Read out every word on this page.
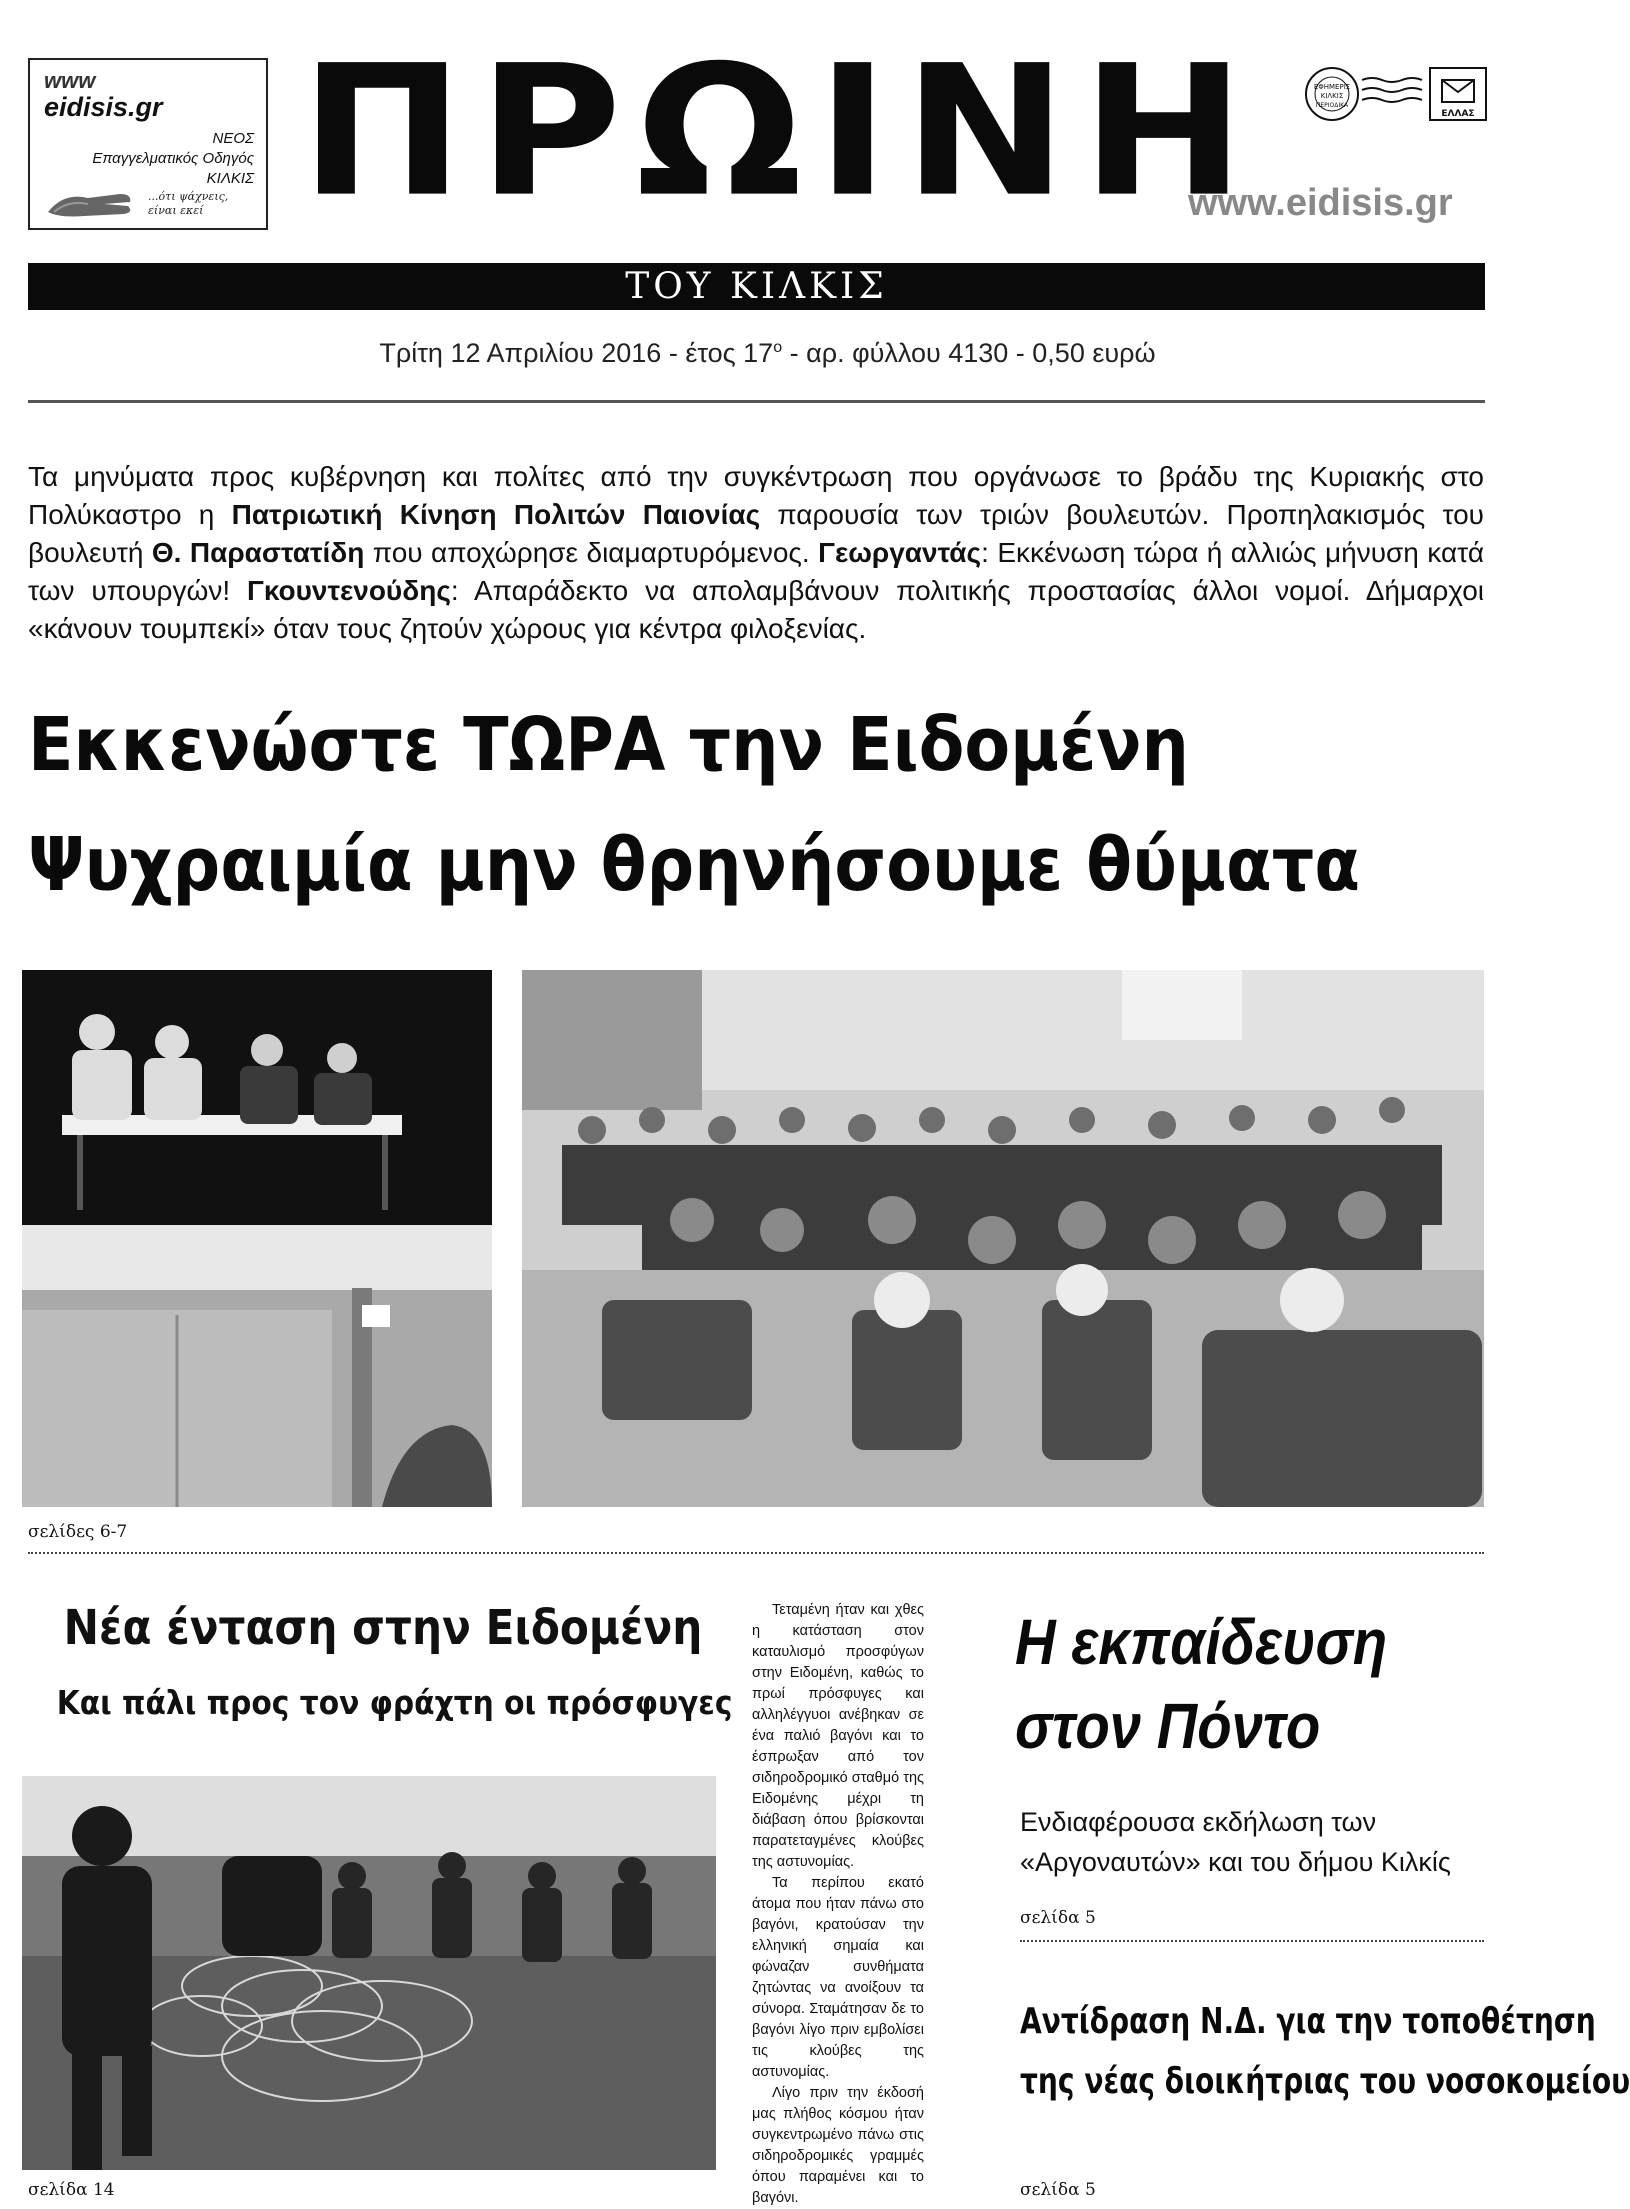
www
eidisis.gr
ΝΕΟΣ
Επαγγελματικός Οδηγός
ΚΙΛΚΙΣ
...ότι ψάχνεις,
είναι εκεί ΠΡΩΙΝΗ	ΕΦΗΜΕΡΙΣ
ΚΙΛΚΙΣ
ΠΕΡΙΟΔΙΚΑ
ΕΛΛΑΣ
www.eidisis.gr
ΤΟΥ ΚΙΛΚΙΣ
Τρίτη 12 Απριλίου 2016 - έτος $17^o$ - αρ. φύλλου 4130 - 0,50 ευρώ
Τα μηνύματα προς κυβέρνηση και πολίτες από την συγκέντρωση που οργάνωσε το βράδυ της Κυριακής στο Πολύκαστρο η Πατριωτική Κίνηση Πολιτών Παιονίας παρουσία των τριών βουλευτών. Προπηλακισμός του βουλευτή Θ. Παραστατίδη που αποχώρησε διαμαρτυρόμενος. Γεωργαντάς: Εκκένωση τώρα ή αλλιώς μήνυση κατά των υπουργών! Γκουντενούδης: Απαράδεκτο να απολαμβάνουν πολιτικής προστασίας άλλοι νομοί. Δήμαρχοι «κάνουν τουμπεκί» όταν τους ζητούν χώρους για κέντρα φιλοξενίας.
Εκκενώστε ΤΩΡΑ την Ειδομένη
Ψυχραιμία μην θρηνήσουμε θύματα
σελίδες 6-7
Νέα ένταση στην Ειδομένη
Και πάλι προς τον φράχτη οι πρόσφυγες
σελίδα 14

Τεταμένη ήταν και χθες η κατάσταση στον καταυλισμό προσφύγων στην Ειδομένη, καθώς το πρωί πρόσφυγες και αλληλέγγυοι ανέβηκαν σε ένα παλιό βαγόνι και το έσπρωξαν από τον σιδηροδρομικό σταθμό της Ειδομένης μέχρι τη διάβαση όπου βρίσκονται παρατεταγμένες κλούβες της αστυνομίας.

Τα περίπου εκατό άτομα που ήταν πάνω στο βαγόνι, κρατούσαν την ελληνική σημαία και φώναζαν συνθήματα ζητώντας να ανοίξουν τα σύνορα. Σταμάτησαν δε το βαγόνι λίγο πριν εμβολίσει τις κλούβες της αστυνομίας.

Λίγο πριν την έκδοσή μας πλήθος κόσμου ήταν συγκεντρωμένο πάνω στις σιδηροδρομικές γραμμές όπου παραμένει και το βαγόνι.

Η εκπαίδευση
στον Πόντο
Ενδιαφέρουσα εκδήλωση των
«Αργοναυτών» και του δήμου Κιλκίς
σελίδα 5
Αντίδραση Ν.Δ. για την τοποθέτηση
της νέας διοικήτριας του νοσοκομείου
σελίδα 5
